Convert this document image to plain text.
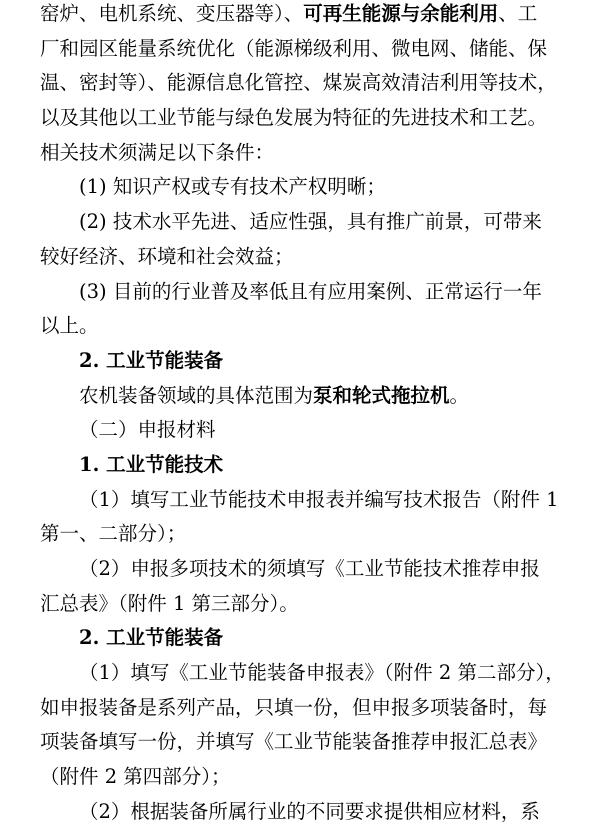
窑炉、电机系统、变压器等）、可再生能源与余能利用、工
厂和园区能量系统优化（能源梯级利用、微电网、储能、保
温、密封等）、能源信息化管控、煤炭高效清洁利用等技术，
以及其他以工业节能与绿色发展为特征的先进技术和工艺。
相关技术须满足以下条件：
(1) 知识产权或专有技术产权明晰；
(2) 技术水平先进、适应性强，具有推广前景，可带来
较好经济、环境和社会效益；
(3) 目前的行业普及率低且有应用案例、正常运行一年
以上。
2. 工业节能装备
农机装备领域的具体范围为泵和轮式拖拉机。
（二）申报材料
1. 工业节能技术
（1）填写工业节能技术申报表并编写技术报告（附件 1
第一、二部分）；
（2）申报多项技术的须填写《工业节能技术推荐申报
汇总表》（附件 1 第三部分）。
2. 工业节能装备
（1）填写《工业节能装备申报表》（附件 2 第二部分），
如申报装备是系列产品，只填一份，但申报多项装备时，每
项装备填写一份，并填写《工业节能装备推荐申报汇总表》
（附件 2 第四部分）；
（2）根据装备所属行业的不同要求提供相应材料，系
